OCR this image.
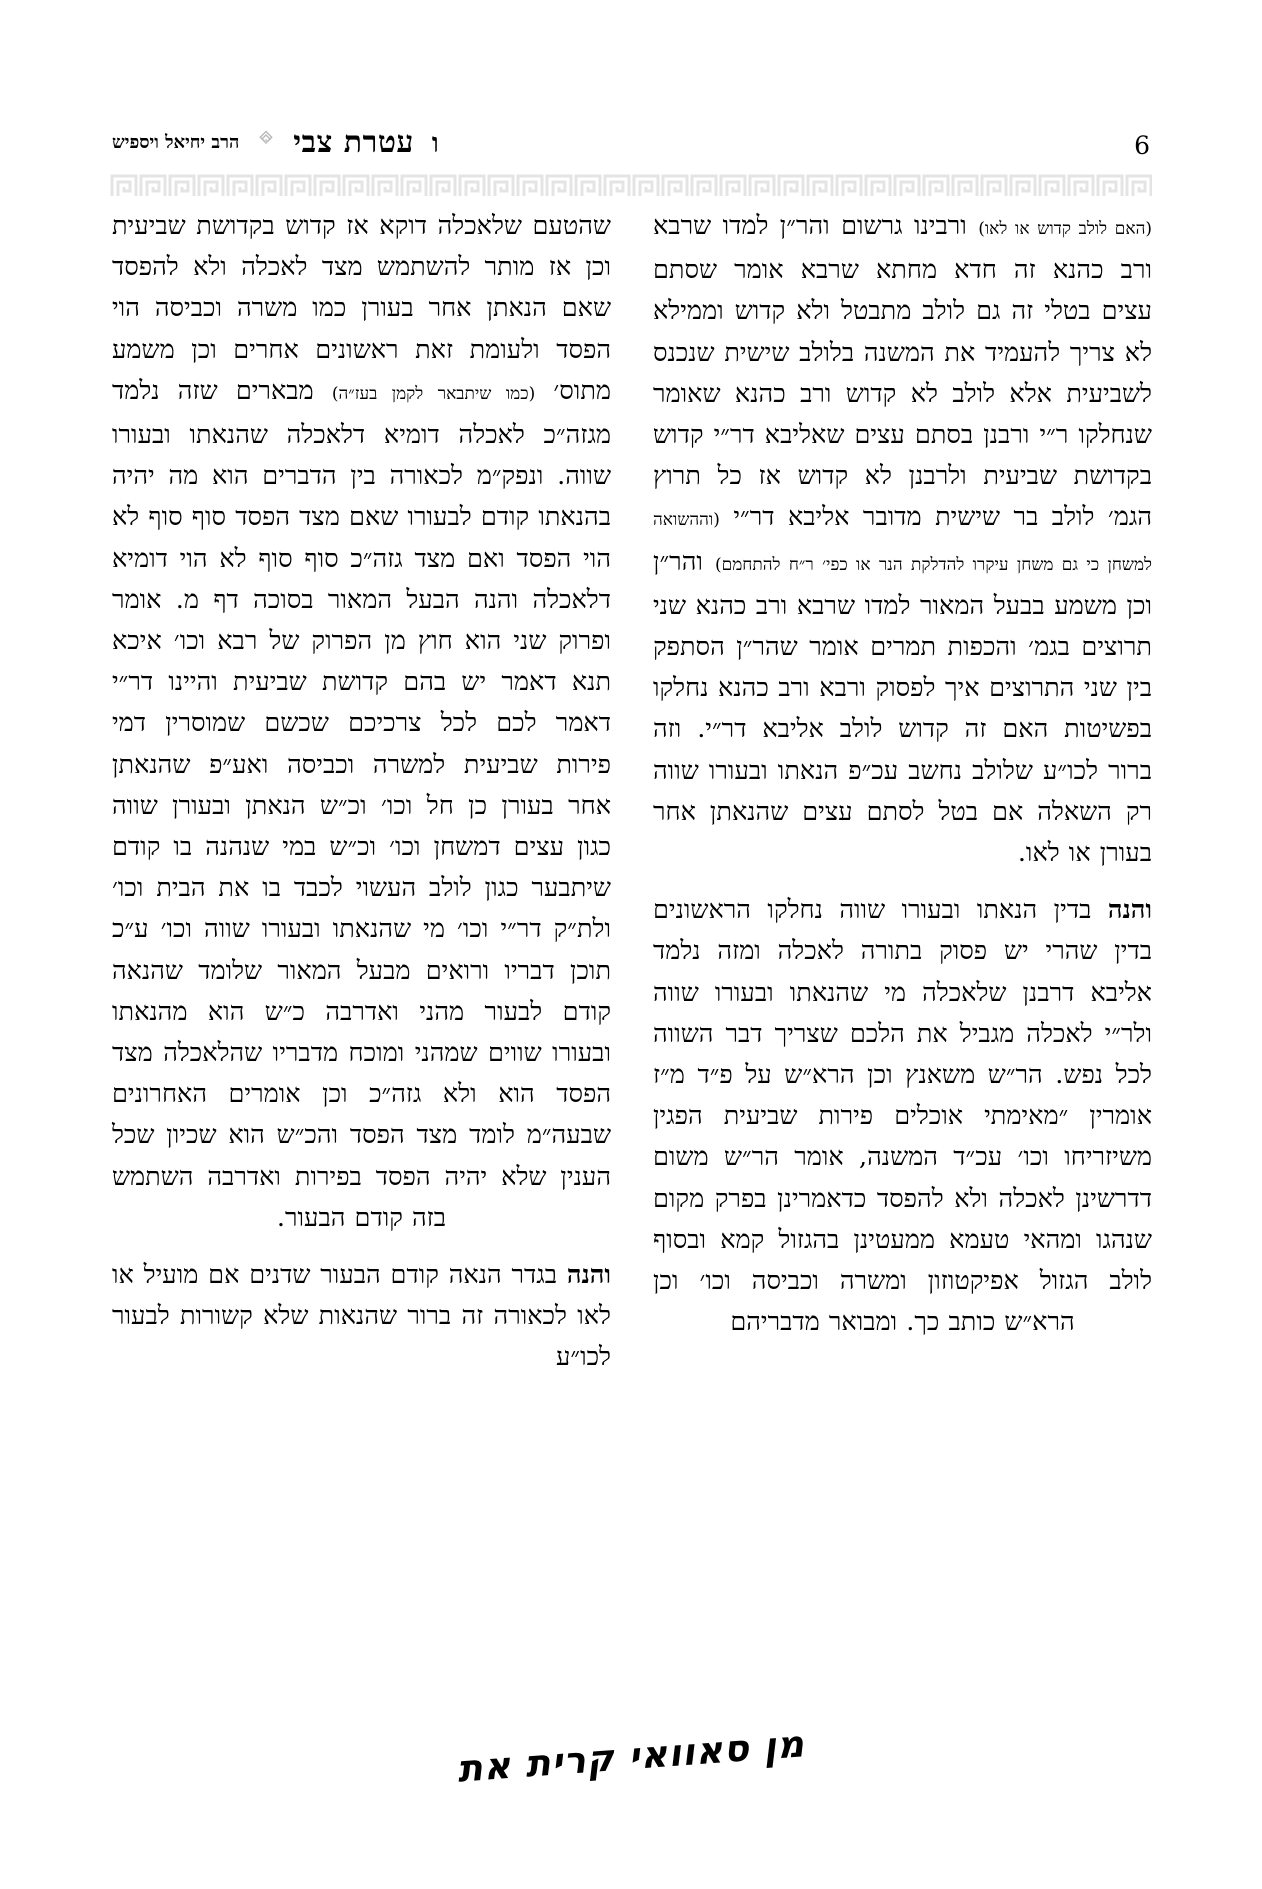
ו
עטרת צבי
הרב יחיאל ויספיש	6

(האם לולב קדוש או לאו) ורבינו גרשום והר״ן למדו שרבא ורב כהנא זה חדא מחתא שרבא אומר שסתם עצים בטלי זה גם לולב מתבטל ולא קדוש וממילא לא צריך להעמיד את המשנה בלולב שישית שנכנס לשביעית אלא לולב לא קדוש ורב כהנא שאומר שנחלקו ר״י ורבנן בסתם עצים שאליבא דר״י קדוש בקדושת שביעית ולרבנן לא קדוש אז כל תרוץ הגמ׳ לולב בר שישית מדובר אליבא דר״י (וההשואה למשחן כי גם משחן עיקרו להדלקת הנר או כפי׳ ר״ח להתחמם) והר״ן וכן משמע בבעל המאור למדו שרבא ורב כהנא שני תרוצים בגמ׳ והכפות תמרים אומר שהר״ן הסתפק בין שני התרוצים איך לפסוק ורבא ורב כהנא נחלקו בפשיטות האם זה קדוש לולב אליבא דר״י. וזה ברור לכו״ע שלולב נחשב עכ״פ הנאתו ובעורו שווה רק השאלה אם בטל לסתם עצים שהנאתן אחר בעורן או לאו.

והנה בדין הנאתו ובעורו שווה נחלקו הראשונים בדין שהרי יש פסוק בתורה לאכלה ומזה נלמד אליבא דרבנן שלאכלה מי שהנאתו ובעורו שווה ולר״י לאכלה מגביל את הלכם שצריך דבר השווה לכל נפש. הר״ש משאנץ וכן הרא״ש על פ״ד מ״ז אומרין ״מאימתי אוכלים פירות שביעית הפגין משיזריחו וכו׳ עכ״ד המשנה, אומר הר״ש משום דדרשינן לאכלה ולא להפסד כדאמרינן בפרק מקום שנהגו ומהאי טעמא ממעטינן בהגזול קמא ובסוף לולב הגזול אפיקטוזון ומשרה וכביסה וכו׳ וכן הרא״ש כותב כך. ומבואר מדבריהם

שהטעם שלאכלה דוקא אז קדוש בקדושת שביעית וכן אז מותר להשתמש מצד לאכלה ולא להפסד שאם הנאתן אחר בעורן כמו משרה וכביסה הוי הפסד ולעומת זאת ראשונים אחרים וכן משמע מתוס׳ (כמו שיתבאר לקמן בעז״ה) מבארים שזה נלמד מגזה״כ לאכלה דומיא דלאכלה שהנאתו ובעורו שווה. ונפק״מ לכאורה בין הדברים הוא מה יהיה בהנאתו קודם לבעורו שאם מצד הפסד סוף סוף לא הוי הפסד ואם מצד גזה״כ סוף סוף לא הוי דומיא דלאכלה והנה הבעל המאור בסוכה דף מ. אומר ופרוק שני הוא חוץ מן הפרוק של רבא וכו׳ איכא תנא דאמר יש בהם קדושת שביעית והיינו דר״י דאמר לכם לכל צרכיכם שכשם שמוסרין דמי פירות שביעית למשרה וכביסה ואע״פ שהנאתן אחר בעורן כן חל וכו׳ וכ״ש הנאתן ובעורן שווה כגון עצים דמשחן וכו׳ וכ״ש במי שנהנה בו קודם שיתבער כגון לולב העשוי לכבד בו את הבית וכו׳ ולת״ק דר״י וכו׳ מי שהנאתו ובעורו שווה וכו׳ ע״כ תוכן דבריו ורואים מבעל המאור שלומד שהנאה קודם לבעור מהני ואדרבה כ״ש הוא מהנאתו ובעורו שווים שמהני ומוכח מדבריו שהלאכלה מצד הפסד הוא ולא גזה״כ וכן אומרים האחרונים שבעה״מ לומד מצד הפסד והכ״ש הוא שכיון שכל הענין שלא יהיה הפסד בפירות ואדרבה השתמש בזה קודם הבעור.

והנה בגדר הנאה קודם הבעור שדנים אם מועיל או לאו לכאורה זה ברור שהנאות שלא קשורות לבעור לכו״ע

מן סאוואי קרית את
